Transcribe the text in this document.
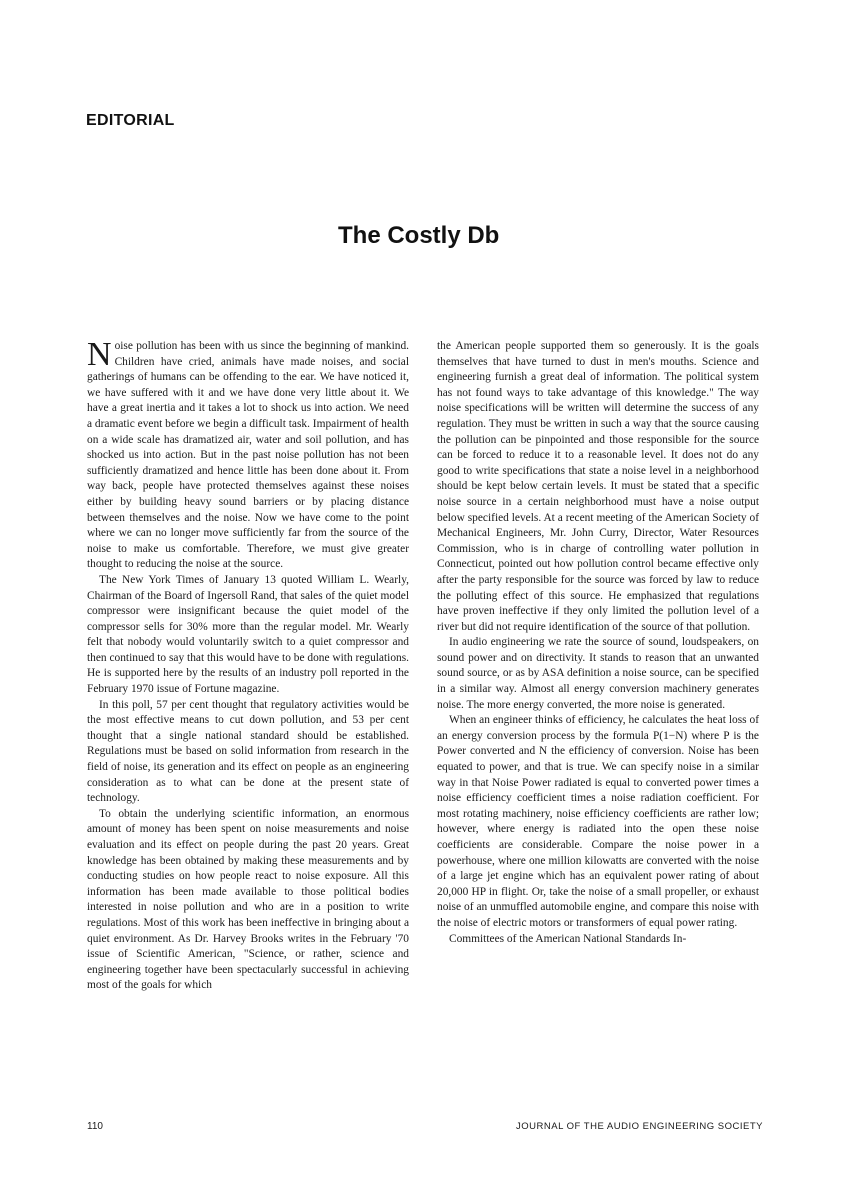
EDITORIAL
The Costly Db

Noise pollution has been with us since the beginning of mankind. Children have cried, animals have made noises, and social gatherings of humans can be offending to the ear. We have noticed it, we have suffered with it and we have done very little about it. We have a great inertia and it takes a lot to shock us into action. We need a dramatic event before we begin a difficult task. Impairment of health on a wide scale has dramatized air, water and soil pollution, and has shocked us into action. But in the past noise pollution has not been sufficiently dramatized and hence little has been done about it. From way back, people have protected themselves against these noises either by building heavy sound barriers or by placing distance between themselves and the noise. Now we have come to the point where we can no longer move sufficiently far from the source of the noise to make us comfortable. Therefore, we must give greater thought to reducing the noise at the source.

The New York Times of January 13 quoted William L. Wearly, Chairman of the Board of Ingersoll Rand, that sales of the quiet model compressor were insignificant because the quiet model of the compressor sells for 30% more than the regular model. Mr. Wearly felt that nobody would voluntarily switch to a quiet compressor and then continued to say that this would have to be done with regulations. He is supported here by the results of an industry poll reported in the February 1970 issue of Fortune magazine.

In this poll, 57 per cent thought that regulatory activities would be the most effective means to cut down pollution, and 53 per cent thought that a single national standard should be established. Regulations must be based on solid information from research in the field of noise, its generation and its effect on people as an engineering consideration as to what can be done at the present state of technology.

To obtain the underlying scientific information, an enormous amount of money has been spent on noise measurements and noise evaluation and its effect on people during the past 20 years. Great knowledge has been obtained by making these measurements and by conducting studies on how people react to noise exposure. All this information has been made available to those political bodies interested in noise pollution and who are in a position to write regulations. Most of this work has been ineffective in bringing about a quiet environment. As Dr. Harvey Brooks writes in the February '70 issue of Scientific American, "Science, or rather, science and engineering together have been spectacularly successful in achieving most of the goals for which

the American people supported them so generously. It is the goals themselves that have turned to dust in men's mouths. Science and engineering furnish a great deal of information. The political system has not found ways to take advantage of this knowledge." The way noise specifications will be written will determine the success of any regulation. They must be written in such a way that the source causing the pollution can be pinpointed and those responsible for the source can be forced to reduce it to a reasonable level. It does not do any good to write specifications that state a noise level in a neighborhood should be kept below certain levels. It must be stated that a specific noise source in a certain neighborhood must have a noise output below specified levels. At a recent meeting of the American Society of Mechanical Engineers, Mr. John Curry, Director, Water Resources Commission, who is in charge of controlling water pollution in Connecticut, pointed out how pollution control became effective only after the party responsible for the source was forced by law to reduce the polluting effect of this source. He emphasized that regulations have proven ineffective if they only limited the pollution level of a river but did not require identification of the source of that pollution.

In audio engineering we rate the source of sound, loudspeakers, on sound power and on directivity. It stands to reason that an unwanted sound source, or as by ASA definition a noise source, can be specified in a similar way. Almost all energy conversion machinery generates noise. The more energy converted, the more noise is generated.

When an engineer thinks of efficiency, he calculates the heat loss of an energy conversion process by the formula P(1−N) where P is the Power converted and N the efficiency of conversion. Noise has been equated to power, and that is true. We can specify noise in a similar way in that Noise Power radiated is equal to converted power times a noise efficiency coefficient times a noise radiation coefficient. For most rotating machinery, noise efficiency coefficients are rather low; however, where energy is radiated into the open these noise coefficients are considerable. Compare the noise power in a powerhouse, where one million kilowatts are converted with the noise of a large jet engine which has an equivalent power rating of about 20,000 HP in flight. Or, take the noise of a small propeller, or exhaust noise of an unmuffled automobile engine, and compare this noise with the noise of electric motors or transformers of equal power rating.

Committees of the American National Standards In-

110	JOURNAL OF THE AUDIO ENGINEERING SOCIETY
